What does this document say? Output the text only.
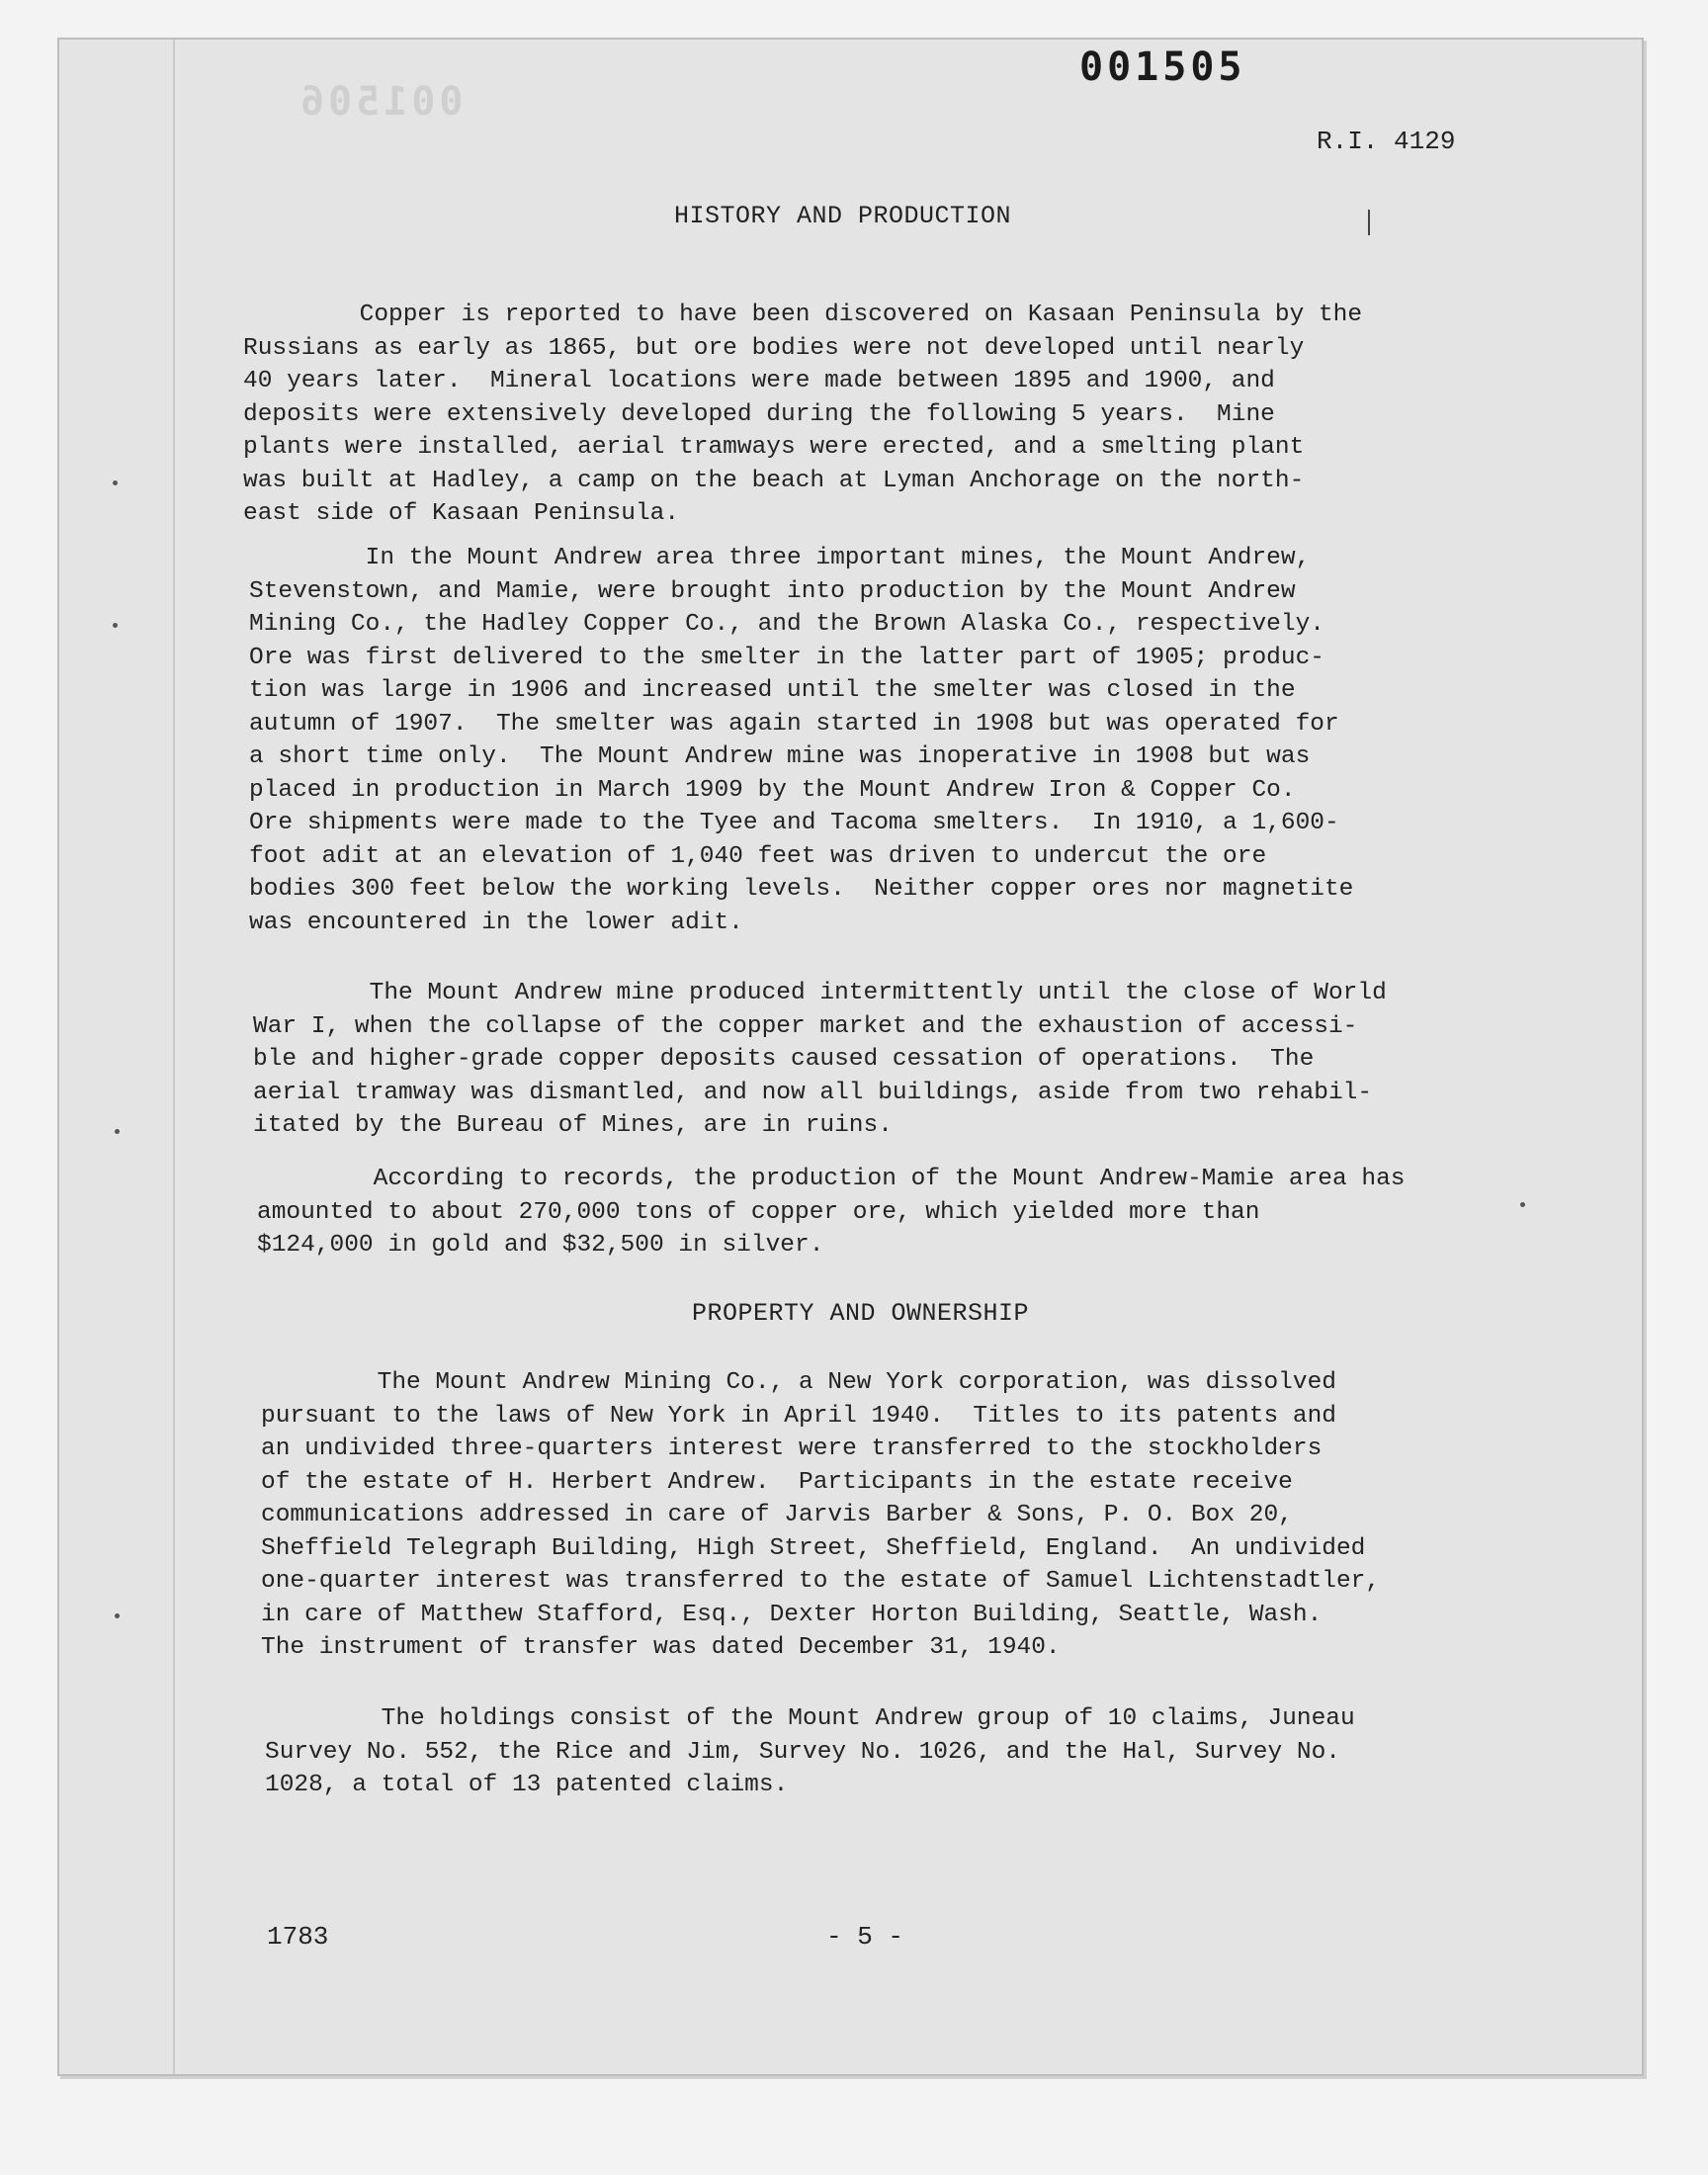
001506
001505
R.I. 4129
HISTORY AND PRODUCTION
Copper is reported to have been discovered on Kasaan Peninsula by the
Russians as early as 1865, but ore bodies were not developed until nearly
40 years later.  Mineral locations were made between 1895 and 1900, and
deposits were extensively developed during the following 5 years.  Mine
plants were installed, aerial tramways were erected, and a smelting plant
was built at Hadley, a camp on the beach at Lyman Anchorage on the north-
east side of Kasaan Peninsula.
In the Mount Andrew area three important mines, the Mount Andrew,
Stevenstown, and Mamie, were brought into production by the Mount Andrew
Mining Co., the Hadley Copper Co., and the Brown Alaska Co., respectively.
Ore was first delivered to the smelter in the latter part of 1905; produc-
tion was large in 1906 and increased until the smelter was closed in the
autumn of 1907.  The smelter was again started in 1908 but was operated for
a short time only.  The Mount Andrew mine was inoperative in 1908 but was
placed in production in March 1909 by the Mount Andrew Iron & Copper Co.
Ore shipments were made to the Tyee and Tacoma smelters.  In 1910, a 1,600-
foot adit at an elevation of 1,040 feet was driven to undercut the ore
bodies 300 feet below the working levels.  Neither copper ores nor magnetite
was encountered in the lower adit.
The Mount Andrew mine produced intermittently until the close of World
War I, when the collapse of the copper market and the exhaustion of accessi-
ble and higher-grade copper deposits caused cessation of operations.  The
aerial tramway was dismantled, and now all buildings, aside from two rehabil-
itated by the Bureau of Mines, are in ruins.
According to records, the production of the Mount Andrew-Mamie area has
amounted to about 270,000 tons of copper ore, which yielded more than
$124,000 in gold and $32,500 in silver.
PROPERTY AND OWNERSHIP
The Mount Andrew Mining Co., a New York corporation, was dissolved
pursuant to the laws of New York in April 1940.  Titles to its patents and
an undivided three-quarters interest were transferred to the stockholders
of the estate of H. Herbert Andrew.  Participants in the estate receive
communications addressed in care of Jarvis Barber & Sons, P. O. Box 20,
Sheffield Telegraph Building, High Street, Sheffield, England.  An undivided
one-quarter interest was transferred to the estate of Samuel Lichtenstadtler,
in care of Matthew Stafford, Esq., Dexter Horton Building, Seattle, Wash.
The instrument of transfer was dated December 31, 1940.
The holdings consist of the Mount Andrew group of 10 claims, Juneau
Survey No. 552, the Rice and Jim, Survey No. 1026, and the Hal, Survey No.
1028, a total of 13 patented claims.
1783	- 5 -
